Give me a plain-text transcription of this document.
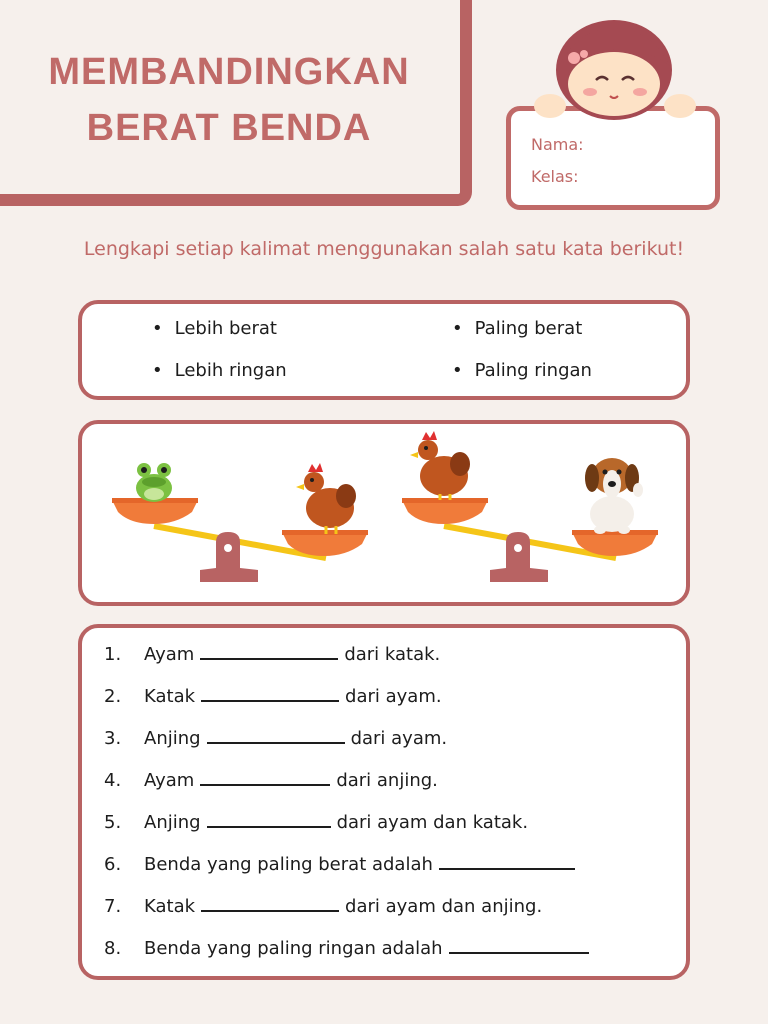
MEMBANDINGKAN
BERAT BENDA	Nama:
Kelas:
Lengkapi setiap kalimat menggunakan salah satu kata berikut!
• Lebih berat
• Lebih ringan
• Paling berat
• Paling ringan
1. Ayam	dari katak.
2. Katak	dari ayam.
3. Anjing	dari ayam.
4. Ayam	dari anjing.
5. Anjing	dari ayam dan katak.
6. Benda yang paling berat adalah
7. Katak	dari ayam dan anjing.
8. Benda yang paling ringan adalah
